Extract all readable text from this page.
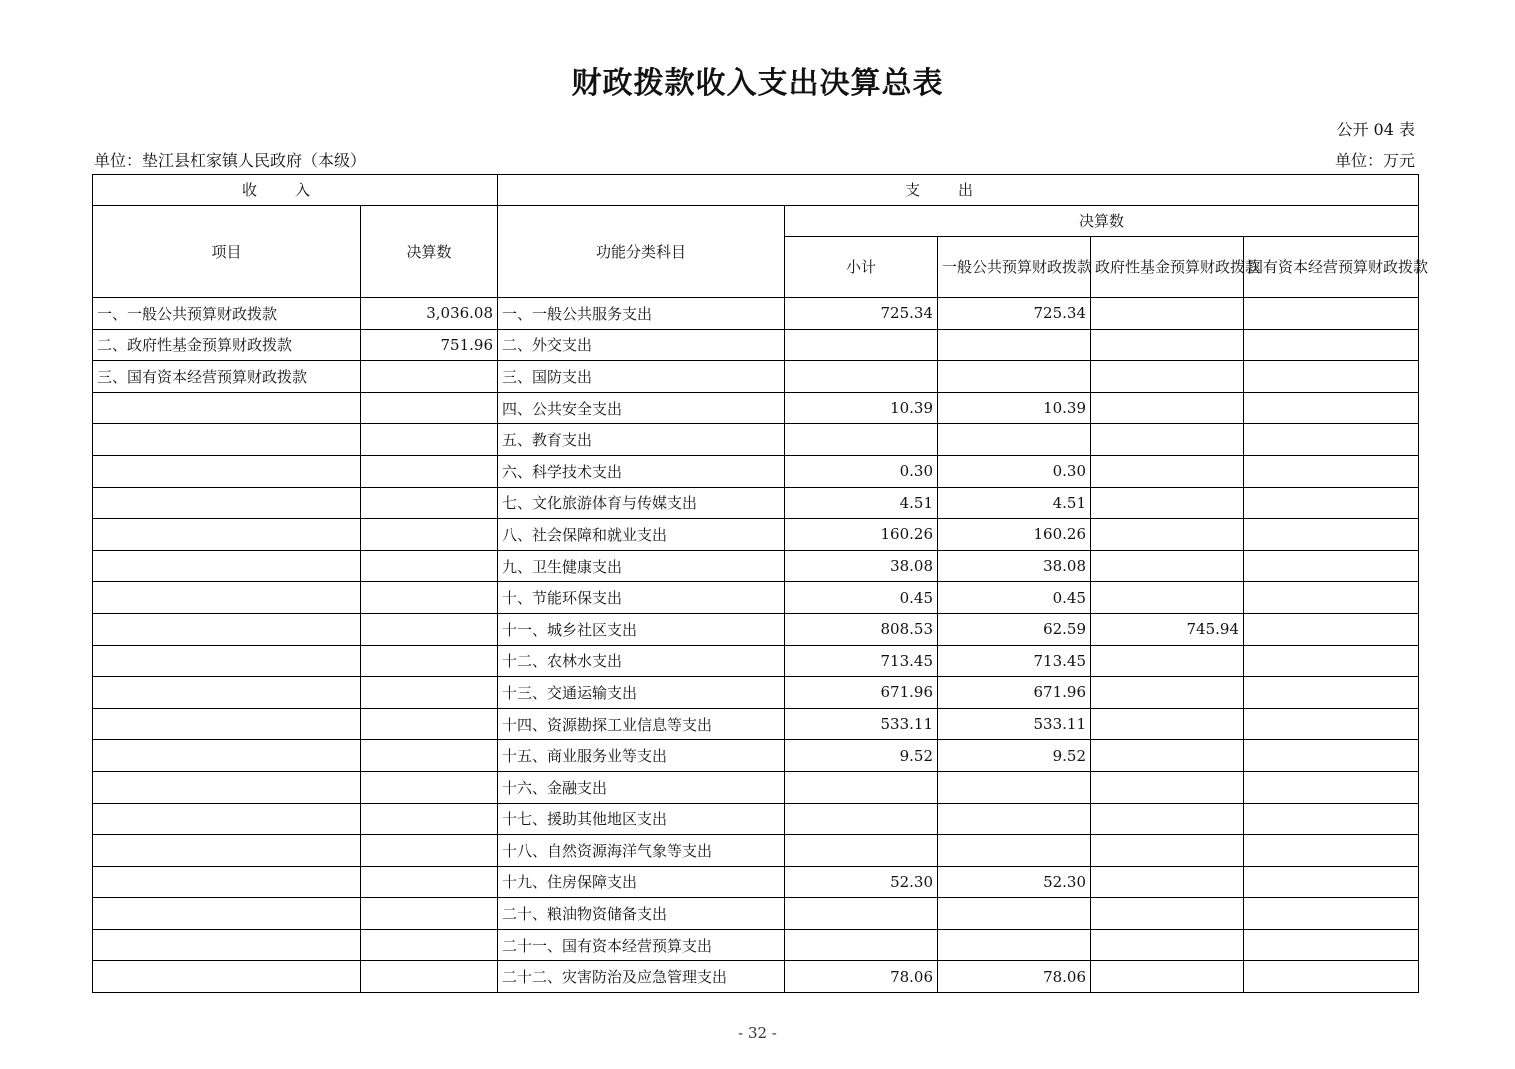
财政拨款收入支出决算总表
公开 04 表
单位：垫江县杠家镇人民政府（本级）	单位：万元
收入		支出				
项目	决算数	功能分类科目	决算数			
			小计	一般公共预算财政拨款	政府性基金预算财政拨款	国有资本经营预算财政拨款
一、一般公共预算财政拨款	3,036.08	一、一般公共服务支出	725.34	725.34		
二、政府性基金预算财政拨款	751.96	二、外交支出				
三、国有资本经营预算财政拨款		三、国防支出				
		四、公共安全支出	10.39	10.39		
		五、教育支出				
		六、科学技术支出	0.30	0.30		
		七、文化旅游体育与传媒支出	4.51	4.51		
		八、社会保障和就业支出	160.26	160.26		
		九、卫生健康支出	38.08	38.08		
		十、节能环保支出	0.45	0.45		
		十一、城乡社区支出	808.53	62.59	745.94	
		十二、农林水支出	713.45	713.45		
		十三、交通运输支出	671.96	671.96		
		十四、资源勘探工业信息等支出	533.11	533.11		
		十五、商业服务业等支出	9.52	9.52		
		十六、金融支出				
		十七、援助其他地区支出				
		十八、自然资源海洋气象等支出				
		十九、住房保障支出	52.30	52.30		
		二十、粮油物资储备支出				
		二十一、国有资本经营预算支出				
		二十二、灾害防治及应急管理支出	78.06	78.06		
- 32 -
